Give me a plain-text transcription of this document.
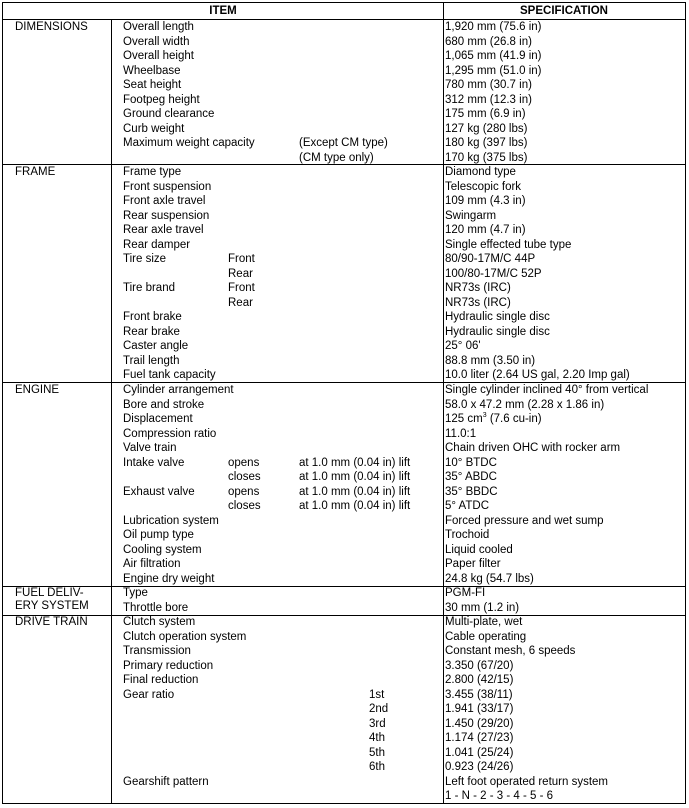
ITEM	SPECIFICATION
DIMENSIONS	Overall length	1,920 mm (75.6 in)
Overall width	680 mm (26.8 in)
Overall height	1,065 mm (41.9 in)
Wheelbase	1,295 mm (51.0 in)
Seat height	780 mm (30.7 in)
Footpeg height	312 mm (12.3 in)
Ground clearance	175 mm (6.9 in)
Curb weight	127 kg (280 lbs)
Maximum weight capacity	(Except CM type)	180 kg (397 lbs)
(CM type only)	170 kg (375 lbs)
FRAME	Frame type	Diamond type
Front suspension	Telescopic fork
Front axle travel	109 mm (4.3 in)
Rear suspension	Swingarm
Rear axle travel	120 mm (4.7 in)
Rear damper	Single effected tube type
Tire size	Front	80/90-17M/C 44P
Rear	100/80-17M/C 52P
Tire brand	Front	NR73s (IRC)
Rear	NR73s (IRC)
Front brake	Hydraulic single disc
Rear brake	Hydraulic single disc
Caster angle	25° 06'
Trail length	88.8 mm (3.50 in)
Fuel tank capacity	10.0 liter (2.64 US gal, 2.20 Imp gal)
ENGINE	Cylinder arrangement	Single cylinder inclined 40° from vertical
Bore and stroke	58.0 x 47.2 mm (2.28 x 1.86 in)
Displacement	125 $cm^3$ (7.6 cu-in)
Compression ratio	11.0:1
Valve train	Chain driven OHC with rocker arm
Intake valve	opens	at 1.0 mm (0.04 in) lift	10° BTDC
closes	at 1.0 mm (0.04 in) lift	35° ABDC
Exhaust valve	opens	at 1.0 mm (0.04 in) lift	35° BBDC
closes	at 1.0 mm (0.04 in) lift	5° ATDC
Lubrication system	Forced pressure and wet sump
Oil pump type	Trochoid
Cooling system	Liquid cooled
Air filtration	Paper filter
Engine dry weight	24.8 kg (54.7 lbs)
FUEL DELIV-
ERY SYSTEM
Type	PGM-FI
Throttle bore	30 mm (1.2 in)
DRIVE TRAIN	Clutch system	Multi-plate, wet
Clutch operation system	Cable operating
Transmission	Constant mesh, 6 speeds
Primary reduction	3.350 (67/20)
Final reduction	2.800 (42/15)
Gear ratio	1st	3.455 (38/11)
2nd	1.941 (33/17)
3rd	1.450 (29/20)
4th	1.174 (27/23)
5th	1.041 (25/24)
6th	0.923 (24/26)
Gearshift pattern	Left foot operated return system
1 - N - 2 - 3 - 4 - 5 - 6
